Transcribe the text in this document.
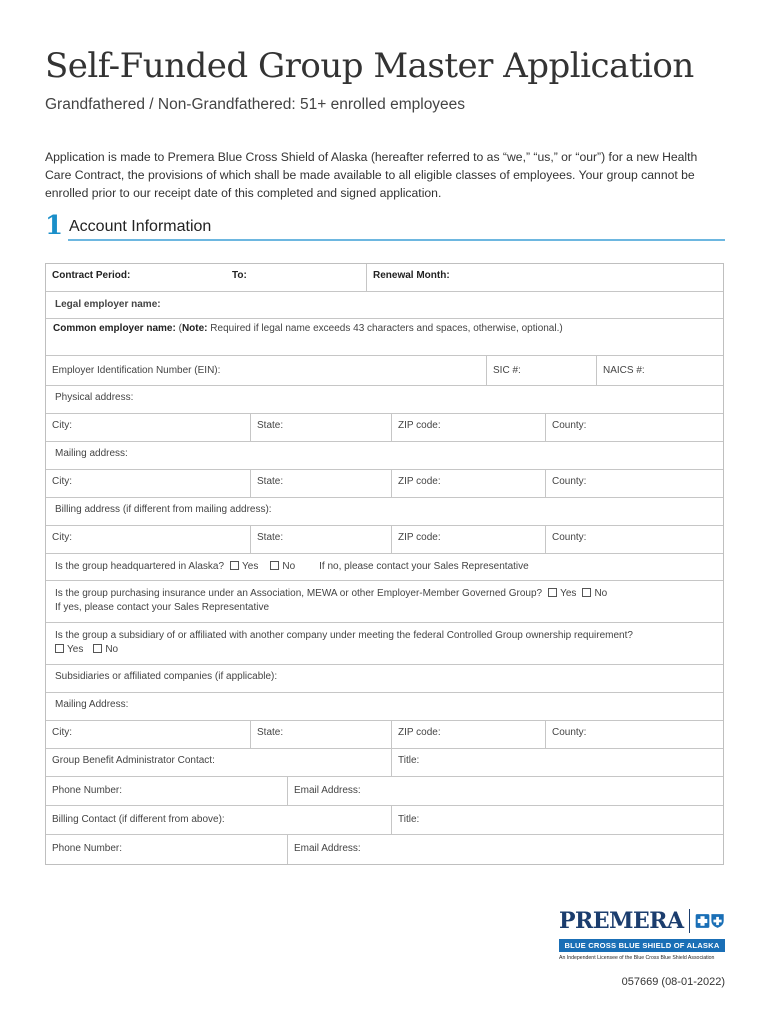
Self-Funded Group Master Application
Grandfathered / Non-Grandfathered: 51+ enrolled employees
Application is made to Premera Blue Cross Shield of Alaska (hereafter referred to as “we,” “us,” or “our”) for a new Health Care Contract, the provisions of which shall be made available to all eligible classes of employees. Your group cannot be enrolled prior to our receipt date of this completed and signed application.
1 Account Information
Contract Period:	To:	Renewal Month:
Legal employer name:
Common employer name: (Note: Required if legal name exceeds 43 characters and spaces, otherwise, optional.)
Employer Identification Number (EIN):	SIC #:	NAICS #:
Physical address:
City:	State:	ZIP code:	County:
Mailing address:
City:	State:	ZIP code:	County:
Billing address (if different from mailing address):
City:	State:	ZIP code:	County:
Is the group headquartered in Alaska? Yes No If no, please contact your Sales Representative
Is the group purchasing insurance under an Association, MEWA or other Employer-Member Governed Group? Yes No
If yes, please contact your Sales Representative
Is the group a subsidiary of or affiliated with another company under meeting the federal Controlled Group ownership requirement?
Yes No
Subsidiaries or affiliated companies (if applicable):
Mailing Address:
City:	State:	ZIP code:	County:
Group Benefit Administrator Contact:	Title:
Phone Number:	Email Address:
Billing Contact (if different from above):	Title:
Phone Number:	Email Address:
PREMERA
BLUE CROSS BLUE SHIELD OF ALASKA
An Independent Licensee of the Blue Cross Blue Shield Association
057669 (08-01-2022)
